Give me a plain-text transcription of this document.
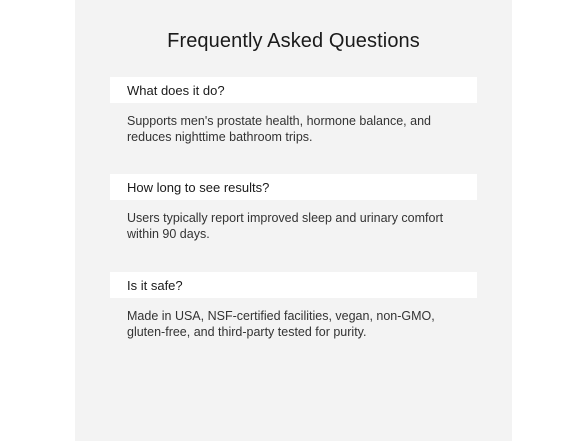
Frequently Asked Questions
What does it do?
Supports men's prostate health, hormone balance, and reduces nighttime bathroom trips.
How long to see results?
Users typically report improved sleep and urinary comfort within 90 days.
Is it safe?
Made in USA, NSF-certified facilities, vegan, non-GMO, gluten-free, and third-party tested for purity.
